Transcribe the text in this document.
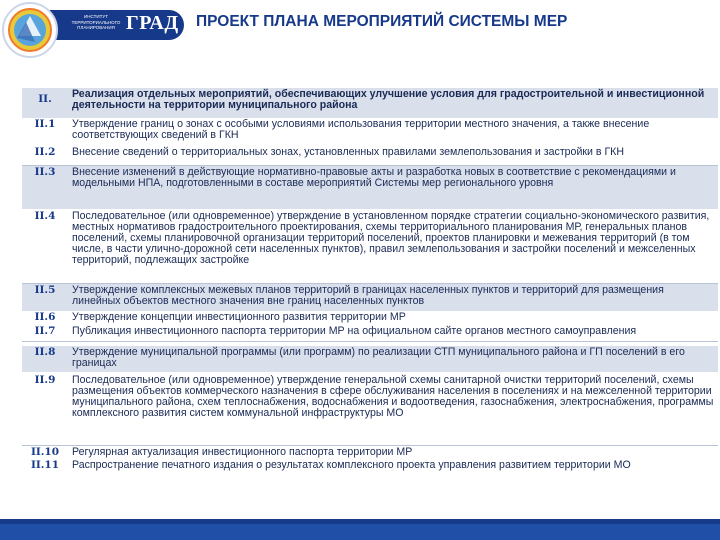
ИНСТИТУТ ТЕРРИТОРИАЛЬНОГО ПЛАНИРОВАНИЯ ГРАД ПРОЕКТ ПЛАНА МЕРОПРИЯТИЙ СИСТЕМЫ МЕР
II.	Реализация отдельных мероприятий, обеспечивающих улучшение условия для градостроительной и инвестиционной деятельности на территории муниципального района
II.1	Утверждение границ о зонах с особыми условиями использования территории местного значения, а также внесение соответствующих сведений в ГКН
II.2	Внесение сведений о территориальных зонах, установленных правилами землепользования и застройки в ГКН
II.3	Внесение изменений в действующие нормативно-правовые акты и разработка новых в соответствие с рекомендациями и модельными НПА, подготовленными в составе мероприятий Системы мер регионального уровня
II.4	Последовательное (или одновременное) утверждение в установленном порядке стратегии социально-экономического развития, местных нормативов градостроительного проектирования, схемы территориального планирования МР, генеральных планов поселений, схемы планировочной организации территорий поселений, проектов планировки и межевания территорий (в том числе, в части улично-дорожной сети населенных пунктов), правил землепользования и застройки поселений и межселенных территорий, подлежащих застройке
II.5	Утверждение комплексных межевых планов территорий в границах населенных пунктов и территорий для размещения линейных объектов местного значения вне границ населенных пунктов
II.6	Утверждение концепции инвестиционного развития территории МР
II.7	Публикация инвестиционного паспорта территории МР на официальном сайте органов местного самоуправления
II.8	Утверждение муниципальной программы (или программ) по реализации СТП муниципального района и ГП поселений в его границах
II.9	Последовательное (или одновременное) утверждение генеральной схемы санитарной очистки территорий поселений, схемы размещения объектов коммерческого назначения в сфере обслуживания населения в поселениях и на межселенной территории муниципального района, схем теплоснабжения, водоснабжения и водоотведения, газоснабжения, электроснабжения, программы комплексного развития систем коммунальной инфраструктуры МО
II.10	Регулярная актуализация инвестиционного паспорта территории МР
II.11	Распространение печатного издания о результатах комплексного проекта управления развитием территории МО
